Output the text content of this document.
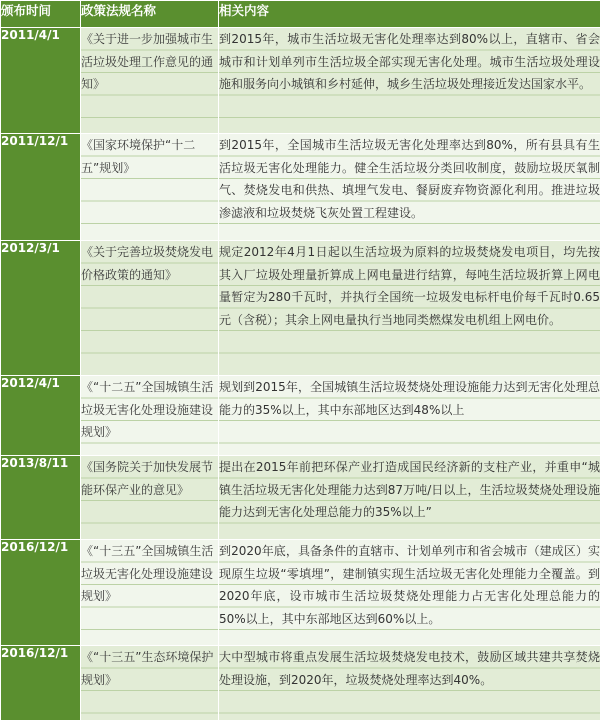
颁布时间	政策法规名称	相关内容
2011/4/1	《关于进一步加强城市生活垃圾处理工作意见的通知》	到2015年，城市生活垃圾无害化处理率达到80%以上，直辖市、省会城市和计划单列市生活垃圾全部实现无害化处理。城市生活垃圾处理设施和服务向小城镇和乡村延伸，城乡生活垃圾处理接近发达国家水平。
2011/12/1	《国家环境保护“十二五”规划》	到2015年，全国城市生活垃圾无害化处理率达到80%，所有县具有生活垃圾无害化处理能力。健全生活垃圾分类回收制度，鼓励垃圾厌氧制气、焚烧发电和供热、填埋气发电、餐厨废弃物资源化利用。推进垃圾渗滤液和垃圾焚烧飞灰处置工程建设。
2012/3/1	《关于完善垃圾焚烧发电价格政策的通知》	规定2012年4月1日起以生活垃圾为原料的垃圾焚烧发电项目，均先按其入厂垃圾处理量折算成上网电量进行结算，每吨生活垃圾折算上网电量暂定为280千瓦时，并执行全国统一垃圾发电标杆电价每千瓦时0.65元（含税）；其余上网电量执行当地同类燃煤发电机组上网电价。
2012/4/1	《“十二五”全国城镇生活垃圾无害化处理设施建设规划》	规划到2015年，全国城镇生活垃圾焚烧处理设施能力达到无害化处理总能力的35%以上，其中东部地区达到48%以上
2013/8/11	《国务院关于加快发展节能环保产业的意见》	提出在2015年前把环保产业打造成国民经济新的支柱产业，并重申“城镇生活垃圾无害化处理能力达到87万吨/日以上，生活垃圾焚烧处理设施能力达到无害化处理总能力的35%以上”
2016/12/1	《“十三五”全国城镇生活垃圾无害化处理设施建设规划》	到2020年底，具备条件的直辖市、计划单列市和省会城市（建成区）实现原生垃圾“零填埋”，建制镇实现生活垃圾无害化处理能力全覆盖。到2020年底，设市城市生活垃圾焚烧处理能力占无害化处理总能力的50%以上，其中东部地区达到60%以上。
2016/12/1	《“十三五”生态环境保护规划》	大中型城市将重点发展生活垃圾焚烧发电技术，鼓励区域共建共享焚烧处理设施，到2020年，垃圾焚烧处理率达到40%。
